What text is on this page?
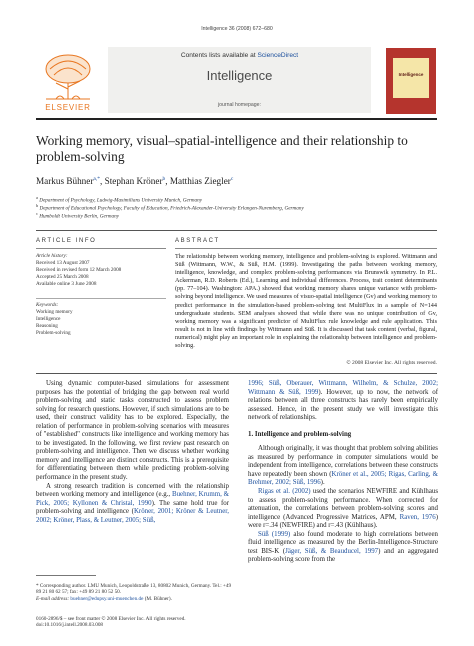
Intelligence 36 (2008) 672–680
Contents lists available at ScienceDirect
Intelligence
journal homepage:
ELSEVIER
Intelligence
Working memory, visual–spatial-intelligence and their relationship to problem-solving
Markus Bühner$^{a,*}$, Stephan Kröner$^b$, Matthias Ziegler$^c$
$^a$ Department of Psychology, Ludwig-Maximilians University Munich, Germany
$^b$ Department of Educational Psychology, Faculty of Education, Friedrich-Alexander-University Erlangen-Nuremberg, Germany
$^c$ Humboldt University Berlin, Germany
ARTICLE INFO	ABSTRACT
Article history:
Received 13 August 2007
Received in revised form 12 March 2008
Accepted 25 March 2008
Available online 3 June 2008
Keywords:
Working memory
Intelligence
Reasoning
Problem-solving
The relationship between working memory, intelligence and problem-solving is explored. Wittmann and Süß (Wittmann, W.W., & Süß, H.M. (1999). Investigating the paths between working memory, intelligence, knowledge, and complex problem-solving performances via Brunswik symmetry. In P.L. Ackerman, R.D. Roberts (Ed.), Learning and individual differences. Process, trait content determinants (pp. 77–104). Washington: APA.) showed that working memory shares unique variance with problem-solving beyond intelligence. We used measures of visuo-spatial intelligence (Gv) and working memory to predict performance in the simulation-based problem-solving test MultiFlux in a sample of N=144 undergraduate students. SEM analyses showed that while there was no unique contribution of Gv, working memory was a significant predictor of MultiFlux rule knowledge and rule application. This result is not in line with findings by Wittmann and Süß. It is discussed that task content (verbal, figural, numerical) might play an important role in explaining the relationship between intelligence and problem-solving.
© 2008 Elsevier Inc. All rights reserved.
Using dynamic computer-based simulations for assessment purposes has the potential of bridging the gap between real world problem-solving and static tasks constructed to assess problem solving for research questions. However, if such simulations are to be used, their construct validity has to be explored. Especially, the relation of performance in problem-solving scenarios with measures of "established" constructs like intelligence and working memory has to be investigated. In the following, we first review past research on problem-solving and intelligence. Then we discuss whether working memory and intelligence are distinct constructs. This is a prerequisite for differentiating between them while predicting problem-solving performance in the present study.
A strong research tradition is concerned with the relationship between working memory and intelligence (e.g., Buehner, Krumm, & Pick, 2005; Kyllonen & Christal, 1990). The same hold true for problem-solving and intelligence (Kröner, 2001; Kröner & Leutner, 2002; Kröner, Plass, & Leutner, 2005; Süß,
1996; Süß, Oberauer, Wittmann, Wilhelm, & Schulze, 2002; Wittmann & Süß, 1999). However, up to now, the network of relations between all three constructs has rarely been empirically assessed. Hence, in the present study we will investigate this network of relationships.
1. Intelligence and problem-solving
Although originally, it was thought that problem solving abilities as measured by performance in computer simulations would be independent from intelligence, correlations between these constructs have repeatedly been shown (Kröner et al., 2005; Rigas, Carling, & Brehmer, 2002; Süß, 1996).
Rigas et al. (2002) used the scenarios NEWFIRE and Kühlhaus to assess problem-solving performance. When corrected for attenuation, the correlations between problem-solving scores and intelligence (Advanced Progressive Matrices, APM, Raven, 1976) were r=.34 (NEWFIRE) and r=.43 (Kühlhaus).
Süß (1999) also found moderate to high correlations between fluid intelligence as measured by the Berlin-Intelligence-Structure test BIS-K (Jäger, Süß, & Beauducel, 1997) and an aggregated problem-solving score from the
* Corresponding author. LMU Munich, Leopoldstraße 13, 80802 Munich, Germany. Tel.: +49 89 21 80 62 57; fax: +49 89 21 80 52 50.
E-mail address: buehner@edupsy.uni-muenchen.de (M. Bühner).
0160-2896/$ – see front matter © 2008 Elsevier Inc. All rights reserved.
doi:10.1016/j.intell.2008.03.008
